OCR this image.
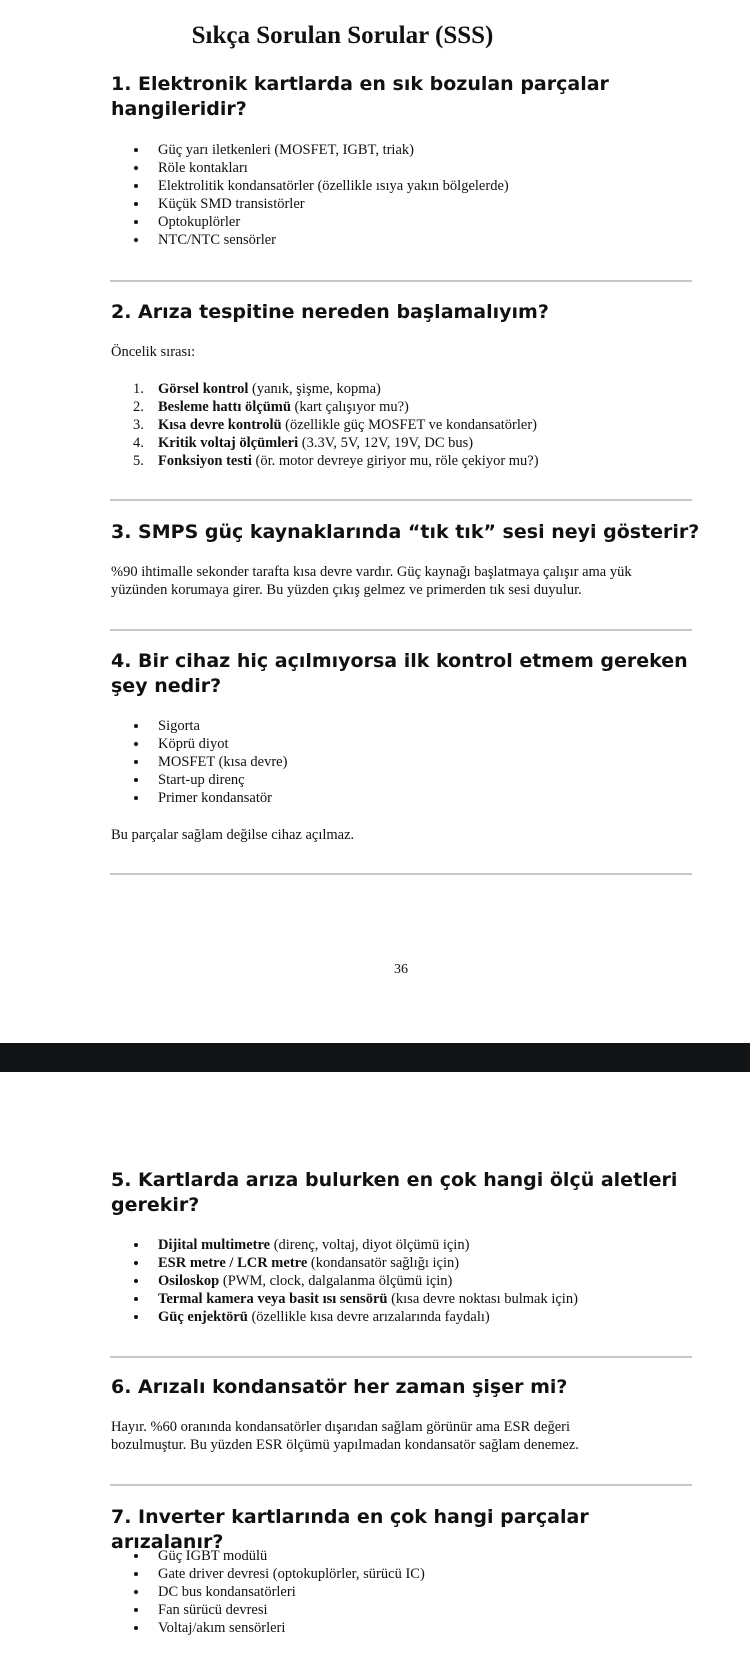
Sıkça Sorulan Sorular (SSS)
1. Elektronik kartlarda en sık bozulan parçalar hangileridir?
Güç yarı iletkenleri (MOSFET, IGBT, triak)
Röle kontakları
Elektrolitik kondansatörler (özellikle ısıya yakın bölgelerde)
Küçük SMD transistörler
Optokuplörler
NTC/NTC sensörler
2. Arıza tespitine nereden başlamalıyım?

Öncelik sırası:

1. Görsel kontrol (yanık, şişme, kopma)
2. Besleme hattı ölçümü (kart çalışıyor mu?)
3. Kısa devre kontrolü (özellikle güç MOSFET ve kondansatörler)
4. Kritik voltaj ölçümleri (3.3V, 5V, 12V, 19V, DC bus)
5. Fonksiyon testi (ör. motor devreye giriyor mu, röle çekiyor mu?)
3. SMPS güç kaynaklarında “tık tık” sesi neyi gösterir?

%90 ihtimalle sekonder tarafta kısa devre vardır. Güç kaynağı başlatmaya çalışır ama yük
yüzünden korumaya girer. Bu yüzden çıkış gelmez ve primerden tık sesi duyulur.

4. Bir cihaz hiç açılmıyorsa ilk kontrol etmem gereken şey nedir?
Sigorta
Köprü diyot
MOSFET (kısa devre)
Start-up direnç
Primer kondansatör

Bu parçalar sağlam değilse cihaz açılmaz.

36
5. Kartlarda arıza bulurken en çok hangi ölçü aletleri gerekir?
Dijital multimetre (direnç, voltaj, diyot ölçümü için)
ESR metre / LCR metre (kondansatör sağlığı için)
Osiloskop (PWM, clock, dalgalanma ölçümü için)
Termal kamera veya basit ısı sensörü (kısa devre noktası bulmak için)
Güç enjektörü (özellikle kısa devre arızalarında faydalı)
6. Arızalı kondansatör her zaman şişer mi?

Hayır. %60 oranında kondansatörler dışarıdan sağlam görünür ama ESR değeri
bozulmuştur. Bu yüzden ESR ölçümü yapılmadan kondansatör sağlam denemez.

7. Inverter kartlarında en çok hangi parçalar arızalanır?
Güç IGBT modülü
Gate driver devresi (optokuplörler, sürücü IC)
DC bus kondansatörleri
Fan sürücü devresi
Voltaj/akım sensörleri
